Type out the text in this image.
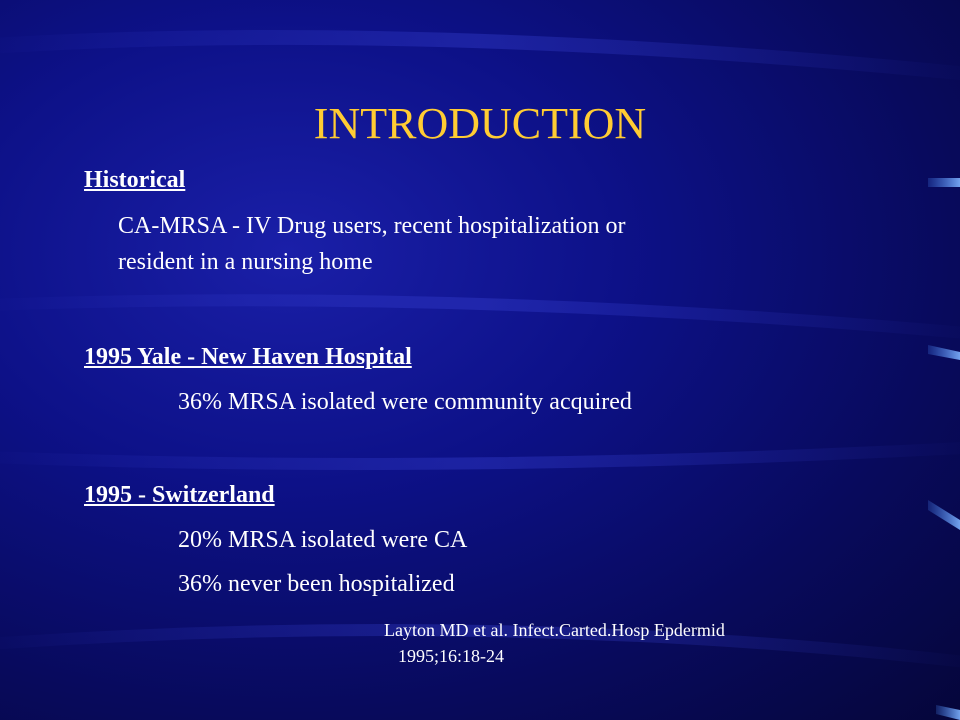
INTRODUCTION
Historical
CA-MRSA - IV Drug users, recent hospitalization or
resident in a nursing home
1995 Yale - New Haven Hospital
36% MRSA isolated were community acquired
1995 - Switzerland
20% MRSA isolated were CA
36% never been hospitalized
Layton MD et al. Infect.Carted.Hosp Epdermid
1995;16:18-24
